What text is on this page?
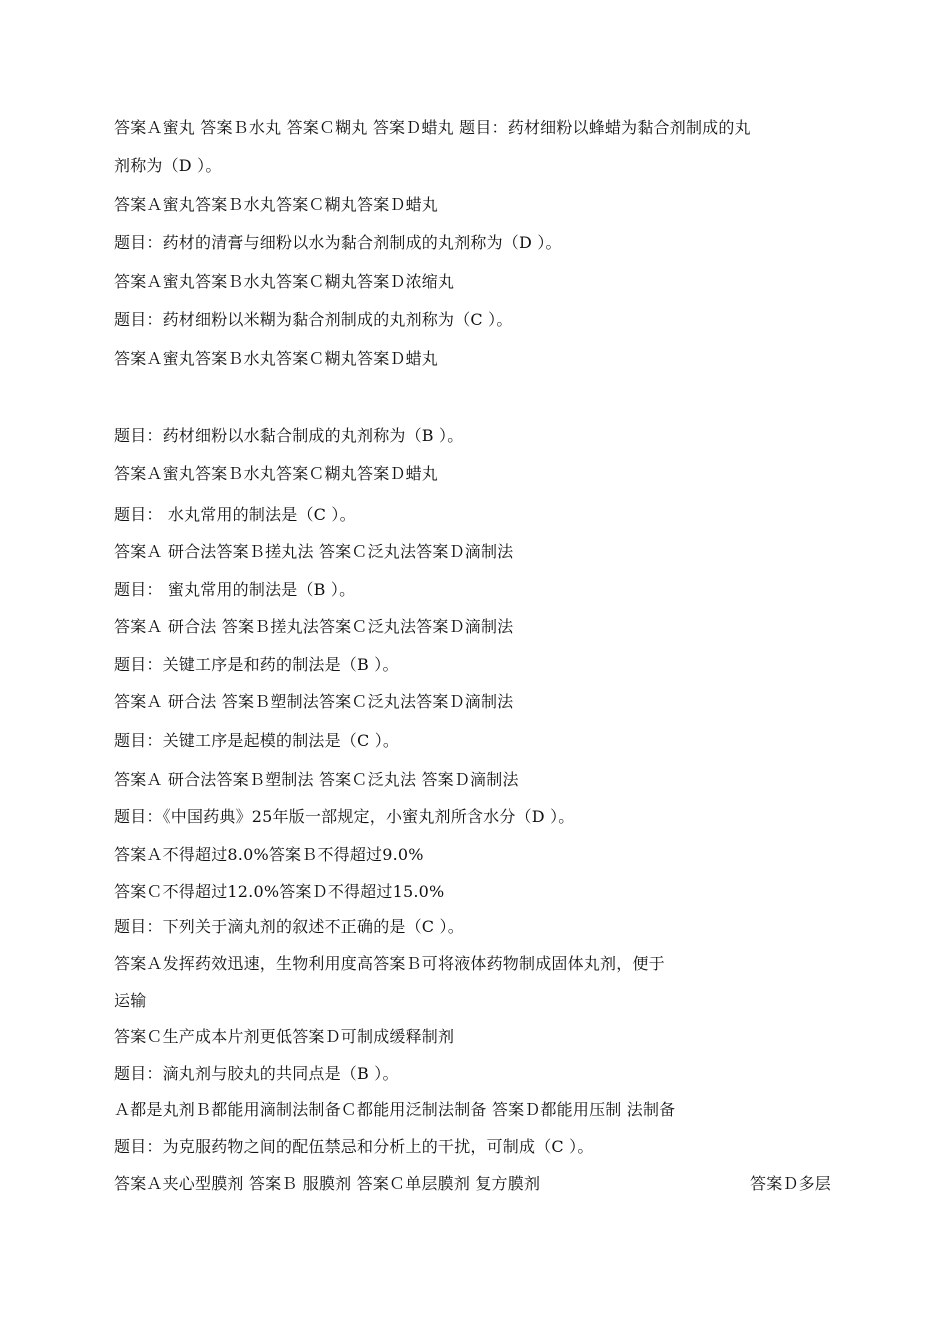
答案Ａ蜜丸 答案Ｂ水丸 答案Ｃ糊丸 答案Ｄ蜡丸 题目：药材细粉以蜂蜡为黏合剂制成的丸
剂称为（D ）。
答案Ａ蜜丸答案Ｂ水丸答案Ｃ糊丸答案Ｄ蜡丸
题目：药材的清膏与细粉以水为黏合剂制成的丸剂称为（D ）。
答案Ａ蜜丸答案Ｂ水丸答案Ｃ糊丸答案Ｄ浓缩丸
题目：药材细粉以米糊为黏合剂制成的丸剂称为（C ）。
答案Ａ蜜丸答案Ｂ水丸答案Ｃ糊丸答案Ｄ蜡丸
题目：药材细粉以水黏合制成的丸剂称为（B ）。
答案Ａ蜜丸答案Ｂ水丸答案Ｃ糊丸答案Ｄ蜡丸
题目： 水丸常用的制法是（C ）。
答案Ａ 研合法答案Ｂ搓丸法 答案Ｃ泛丸法答案Ｄ滴制法
题目： 蜜丸常用的制法是（B ）。
答案Ａ 研合法 答案Ｂ搓丸法答案Ｃ泛丸法答案Ｄ滴制法
题目：关键工序是和药的制法是（B ）。
答案Ａ 研合法 答案Ｂ塑制法答案Ｃ泛丸法答案Ｄ滴制法
题目：关键工序是起模的制法是（C ）。
答案Ａ 研合法答案Ｂ塑制法 答案Ｃ泛丸法 答案Ｄ滴制法
题目：《中国药典》25年版一部规定，小蜜丸剂所含水分（D ）。
答案Ａ不得超过8.0%答案Ｂ不得超过9.0%
答案Ｃ不得超过12.0%答案Ｄ不得超过15.0%
题目：下列关于滴丸剂的叙述不正确的是（C ）。
答案Ａ发挥药效迅速，生物利用度高答案Ｂ可将液体药物制成固体丸剂，便于
运输
答案Ｃ生产成本片剂更低答案Ｄ可制成缓释制剂
题目：滴丸剂与胶丸的共同点是（B ）。
Ａ都是丸剂Ｂ都能用滴制法制备Ｃ都能用泛制法制备 答案Ｄ都能用压制 法制备
题目：为克服药物之间的配伍禁忌和分析上的干扰，可制成（C ）。
答案Ａ夹心型膜剂 答案Ｂ 服膜剂 答案Ｃ单层膜剂 复方膜剂	答案Ｄ多层
